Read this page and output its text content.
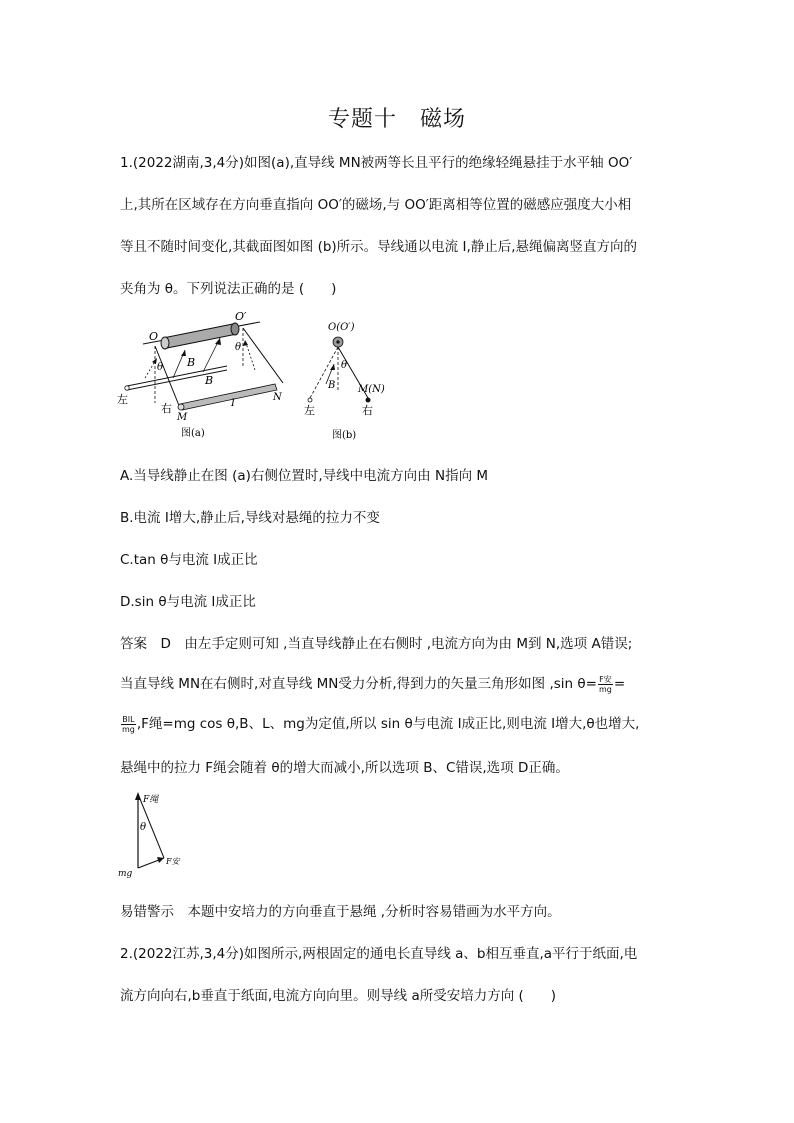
专题十　磁场
1.(2022湖南,3,4分)如图(a),直导线 MN被两等长且平行的绝缘轻绳悬挂于水平轴 OO′
上,其所在区域存在方向垂直指向 OO′的磁场,与 OO′距离相等位置的磁感应强度大小相
等且不随时间变化,其截面图如图 (b)所示。导线通以电流 I,静止后,悬绳偏离竖直方向的
夹角为 θ。下列说法正确的是 (　　)
O
O′
θ
θ
B
B
左
右
M
N
I
图(a)
O(O′)
θ
B M(N)
左	右
图(b)
A.当导线静止在图 (a)右侧位置时,导线中电流方向由 N指向 M
B.电流 I增大,静止后,导线对悬绳的拉力不变
C.tan θ与电流 I成正比
D.sin θ与电流 I成正比
答案　D　由左手定则可知 ,当直导线静止在右侧时 ,电流方向为由 M到 N,选项 A错误;
当直导线 MN在右侧时,对直导线 MN受力分析,得到力的矢量三角形如图 ,sin $\theta= \frac{\text{F安}}{mg}$ =
$\frac{\text{BIL}}{mg} ,F$绳=mg cos θ,B、L、mg为定值,所以 sin θ与电流 I成正比,则电流 I增大,θ也增大,
悬绳中的拉力 F绳会随着 θ的增大而减小,所以选项 B、C错误,选项 D正确。
F绳
θ
mg
F安
易错警示　本题中安培力的方向垂直于悬绳 ,分析时容易错画为水平方向。
2.(2022江苏,3,4分)如图所示,两根固定的通电长直导线 a、b相互垂直,a平行于纸面,电
流方向向右,b垂直于纸面,电流方向向里。则导线 a所受安培力方向 (　　)
